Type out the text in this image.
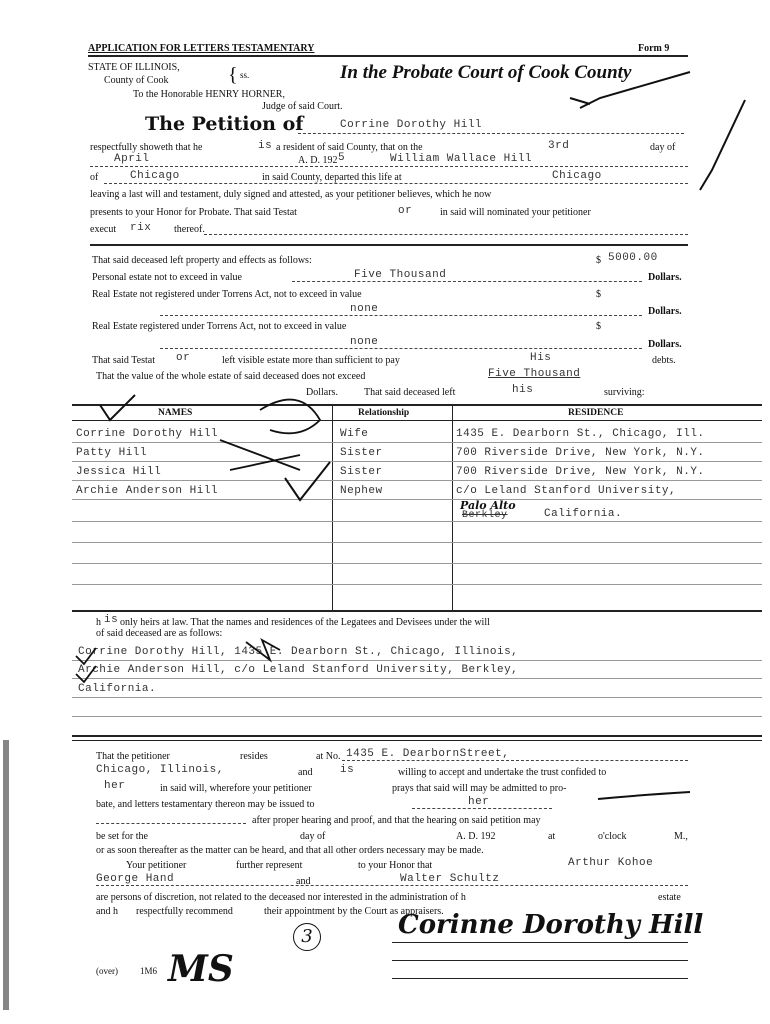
APPLICATION FOR LETTERS TESTAMENTARY	Form 9
STATE OF ILLINOIS,
County of Cook	{ ss.	In the Probate Court of Cook County
To the Honorable HENRY HORNER,
Judge of said Court.
The Petition of	Corrine Dorothy Hill
respectfully showeth that he	is a resident of said County, that on the	3rd	day of
April	A. D. 192 5	William Wallace Hill
of	Chicago	in said County, departed this life at	Chicago
leaving a last will and testament, duly signed and attested, as your petitioner believes, which he now
presents to your Honor for Probate. That said Testat	or	in said will nominated your petitioner
execut rix thereof.
That said deceased left property and effects as follows:	$ 5000.00
Personal estate not to exceed in value	Five Thousand	Dollars.
Real Estate not registered under Torrens Act, not to exceed in value	$
none	Dollars.
Real Estate registered under Torrens Act, not to exceed in value	$
none	Dollars.
That said Testat or	left visible estate more than sufficient to pay	His	debts.
That the value of the whole estate of said deceased does not exceed	Five Thousand
Dollars.	That said deceased left	his	surviving:
NAMES	Relationship	RESIDENCE
Corrine Dorothy Hill	Wife	1435 E. Dearborn St., Chicago, Ill.
Patty Hill	Sister	700 Riverside Drive, New York, N.Y.
Jessica Hill	Sister	700 Riverside Drive, New York, N.Y.
Archie Anderson Hill	Nephew	c/o Leland Stanford University,
Palo Alto
Berkley	California.
h is only heirs at law. That the names and residences of the Legatees and Devisees under the will
of said deceased are as follows:
Corrine Dorothy Hill, 1435 E. Dearborn St., Chicago, Illinois,
Archie Anderson Hill, c/o Leland Stanford University, Berkley,
California.
That the petitioner	resides	at No. 1435 E. DearbornStreet,
Chicago, Illinois,	and	is	willing to accept and undertake the trust confided to
her	in said will, wherefore your petitioner	prays that said will may be admitted to pro-
bate, and letters testamentary thereon may be issued to	her
after proper hearing and proof, and that the hearing on said petition may
be set for the	day of	A. D. 192	at	o'clock	M.,
or as soon thereafter as the matter can be heard, and that all other orders necessary may be made.
Your petitioner	further represent	to your Honor that	Arthur Kohoe
George Hand	and	Walter Schultz
are persons of discretion, not related to the deceased nor interested in the administration of h	estate
and h respectfully recommend	their appointment by the Court as appraisers.
Corinne Dorothy Hill
3
(over) 1M6 MS
